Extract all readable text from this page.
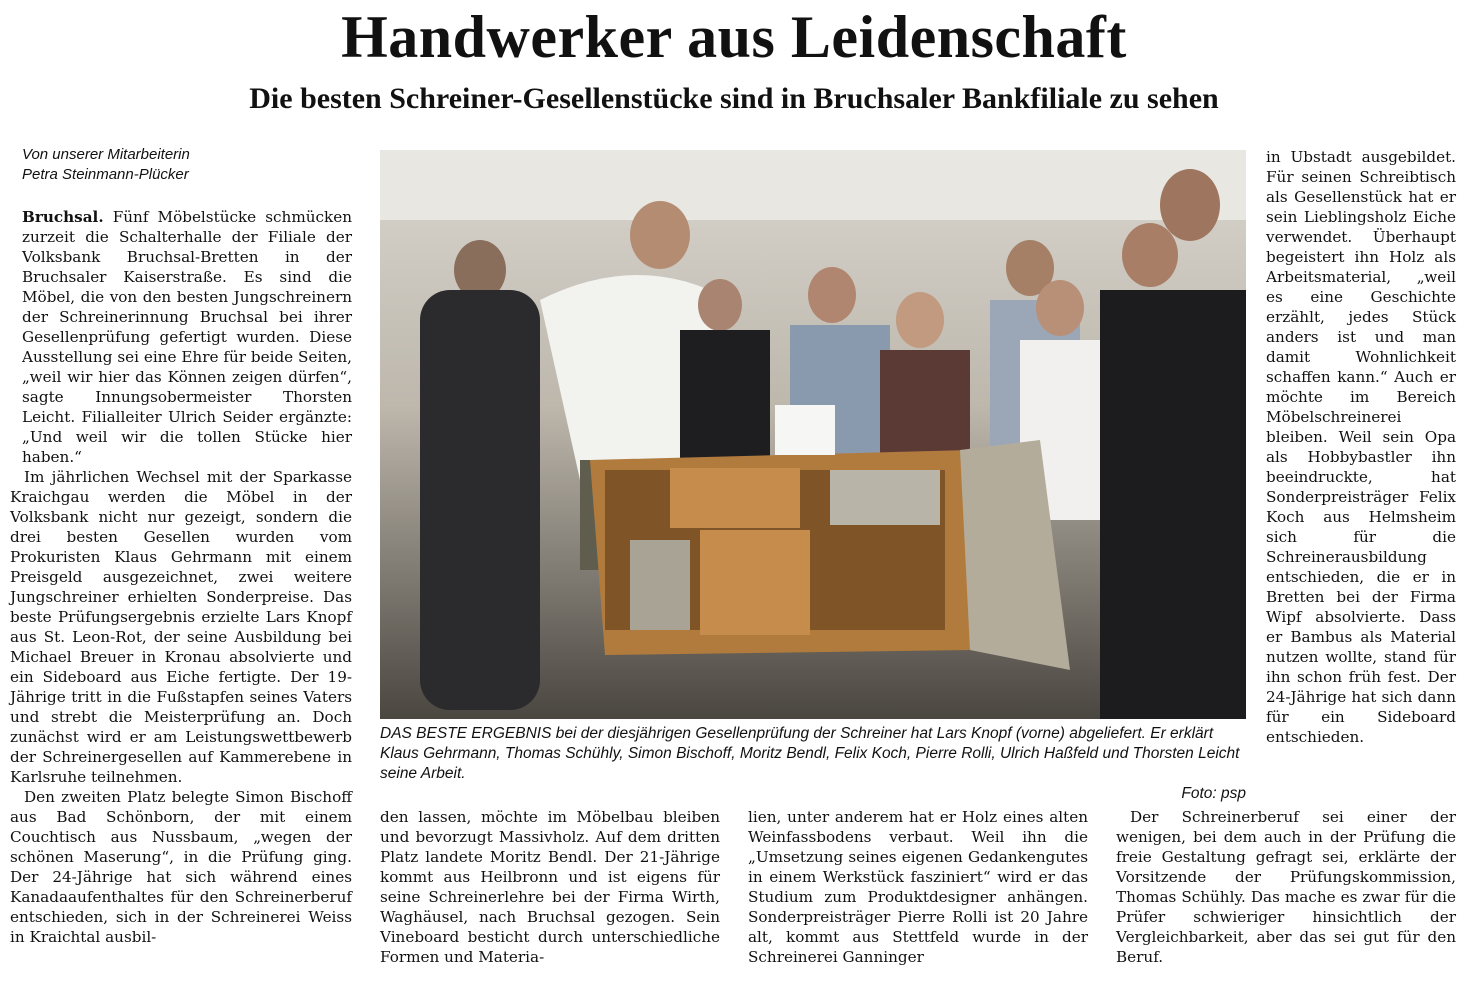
Handwerker aus Leidenschaft
Die besten Schreiner-Gesellenstücke sind in Bruchsaler Bankfiliale zu sehen
Von unserer Mitarbeiterin
Petra Steinmann-Plücker

Bruchsal. Fünf Möbelstücke schmücken zurzeit die Schalterhalle der Filiale der Volksbank Bruchsal-Bretten in der Bruchsaler Kaiserstraße. Es sind die Möbel, die von den besten Jungschreinern der Schreinerinnung Bruchsal bei ihrer Gesellenprüfung gefertigt wurden. Diese Ausstellung sei eine Ehre für beide Seiten, „weil wir hier das Können zeigen dürfen“, sagte Innungsobermeister Thorsten Leicht. Filialleiter Ulrich Seider ergänzte: „Und weil wir die tollen Stücke hier haben.“

Im jährlichen Wechsel mit der Sparkasse Kraichgau werden die Möbel in der Volksbank nicht nur gezeigt, sondern die drei besten Gesellen wurden vom Prokuristen Klaus Gehrmann mit einem Preisgeld ausgezeichnet, zwei weitere Jungschreiner erhielten Sonderpreise. Das beste Prüfungsergebnis erzielte Lars Knopf aus St. Leon-Rot, der seine Ausbildung bei Michael Breuer in Kronau absolvierte und ein Sideboard aus Eiche fertigte. Der 19-Jährige tritt in die Fußstapfen seines Vaters und strebt die Meisterprüfung an. Doch zunächst wird er am Leistungswettbewerb der Schreinergesellen auf Kammerebene in Karlsruhe teilnehmen.

Den zweiten Platz belegte Simon Bischoff aus Bad Schönborn, der mit einem Couchtisch aus Nussbaum, „wegen der schönen Maserung“, in die Prüfung ging. Der 24-Jährige hat sich während eines Kanadaaufenthaltes für den Schreinerberuf entschieden, sich in der Schreinerei Weiss in Kraichtal ausbil-

DAS BESTE ERGEBNIS bei der diesjährigen Gesellenprüfung der Schreiner hat Lars Knopf (vorne) abgeliefert. Er erklärt Klaus Gehrmann, Thomas Schühly, Simon Bischoff, Moritz Bendl, Felix Koch, Pierre Rolli, Ulrich Haßfeld und Thorsten Leicht seine Arbeit.
Foto: psp

den lassen, möchte im Möbelbau bleiben und bevorzugt Massivholz. Auf dem dritten Platz landete Moritz Bendl. Der 21-Jährige kommt aus Heilbronn und ist eigens für seine Schreinerlehre bei der Firma Wirth, Waghäusel, nach Bruchsal gezogen. Sein Vineboard besticht durch unterschiedliche Formen und Materia-

lien, unter anderem hat er Holz eines alten Weinfassbodens verbaut. Weil ihn die „Umsetzung seines eigenen Gedankengutes in einem Werkstück fasziniert“ wird er das Studium zum Produktdesigner anhängen. Sonderpreisträger Pierre Rolli ist 20 Jahre alt, kommt aus Stettfeld wurde in der Schreinerei Ganninger

in Ubstadt ausgebildet. Für seinen Schreibtisch als Gesellenstück hat er sein Lieblingsholz Eiche verwendet. Überhaupt begeistert ihn Holz als Arbeitsmaterial, „weil es eine Geschichte erzählt, jedes Stück anders ist und man damit Wohnlichkeit schaffen kann.“ Auch er möchte im Bereich Möbelschreinerei bleiben. Weil sein Opa als Hobbybastler ihn beeindruckte, hat Sonderpreisträger Felix Koch aus Helmsheim sich für die Schreinerausbildung entschieden, die er in Bretten bei der Firma Wipf absolvierte. Dass er Bambus als Material nutzen wollte, stand für ihn schon früh fest. Der 24-Jährige hat sich dann für ein Sideboard entschieden.

Der Schreinerberuf sei einer der wenigen, bei dem auch in der Prüfung die freie Gestaltung gefragt sei, erklärte der Vorsitzende der Prüfungskommission, Thomas Schühly. Das mache es zwar für die Prüfer schwieriger hinsichtlich der Vergleichbarkeit, aber das sei gut für den Beruf.
